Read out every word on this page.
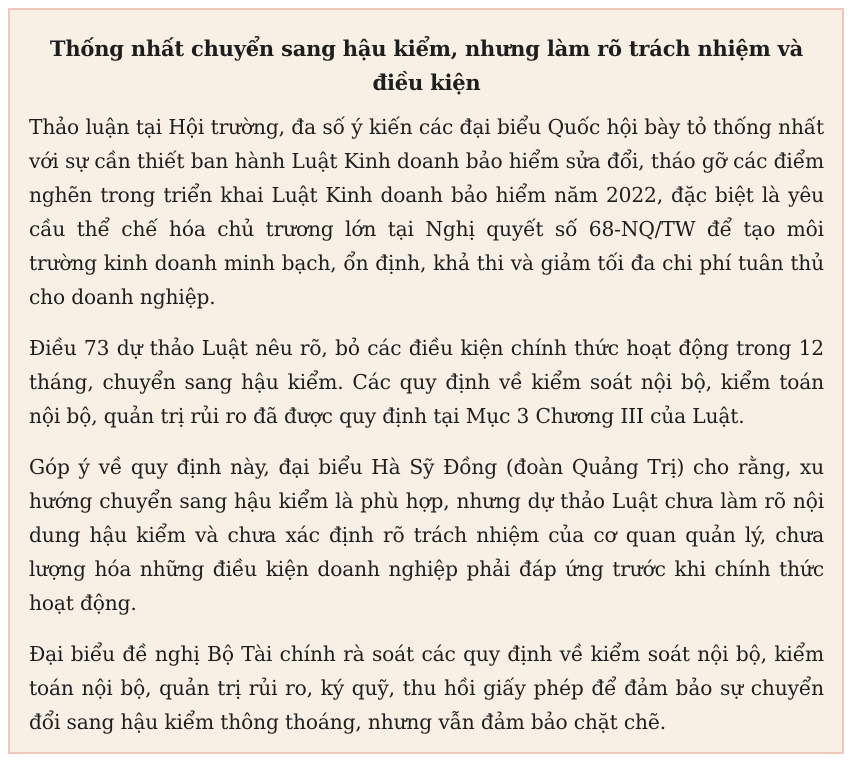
Thống nhất chuyển sang hậu kiểm, nhưng làm rõ trách nhiệm và điều kiện

Thảo luận tại Hội trường, đa số ý kiến các đại biểu Quốc hội bày tỏ thống nhất với sự cần thiết ban hành Luật Kinh doanh bảo hiểm sửa đổi, tháo gỡ các điểm nghẽn trong triển khai Luật Kinh doanh bảo hiểm năm 2022, đặc biệt là yêu cầu thể chế hóa chủ trương lớn tại Nghị quyết số 68-NQ/TW để tạo môi trường kinh doanh minh bạch, ổn định, khả thi và giảm tối đa chi phí tuân thủ cho doanh nghiệp.

Điều 73 dự thảo Luật nêu rõ, bỏ các điều kiện chính thức hoạt động trong 12 tháng, chuyển sang hậu kiểm. Các quy định về kiểm soát nội bộ, kiểm toán nội bộ, quản trị rủi ro đã được quy định tại Mục 3 Chương III của Luật.

Góp ý về quy định này, đại biểu Hà Sỹ Đồng (đoàn Quảng Trị) cho rằng, xu hướng chuyển sang hậu kiểm là phù hợp, nhưng dự thảo Luật chưa làm rõ nội dung hậu kiểm và chưa xác định rõ trách nhiệm của cơ quan quản lý, chưa lượng hóa những điều kiện doanh nghiệp phải đáp ứng trước khi chính thức hoạt động.

Đại biểu đề nghị Bộ Tài chính rà soát các quy định về kiểm soát nội bộ, kiểm toán nội bộ, quản trị rủi ro, ký quỹ, thu hồi giấy phép để đảm bảo sự chuyển đổi sang hậu kiểm thông thoáng, nhưng vẫn đảm bảo chặt chẽ.
